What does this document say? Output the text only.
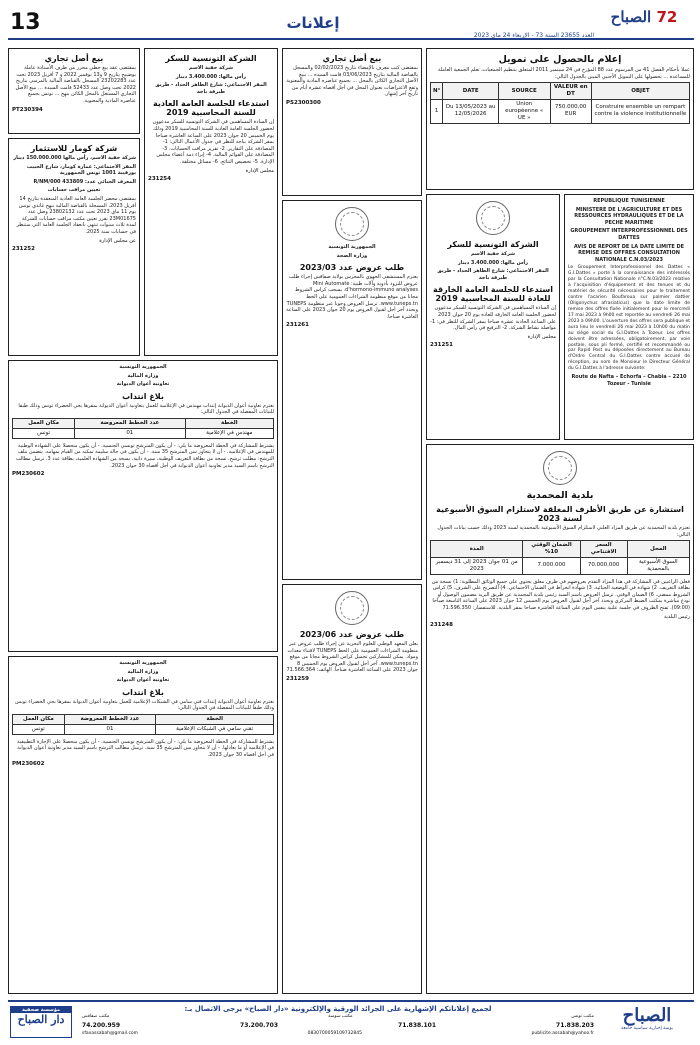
13	إعلانات	72 الصباح
العدد 23655 السنة 73 - الإربعاء 24 ماي 2023
بيع أصل تجاري
بمقتضى عقد بيع خطي محرر من طرف الأستاذة عاملة بوضيبح بتاريخ 9 و13 نوفمبر 2022 و 7 أفريل 2023 تحت عدد 23202283 المسجل بالقباضة المالية بالمرسى بتاريخ 2022 تحت وصل عدد 52433 قامت السيدة ... ببيع الأصل التجاري المستغل بالمحل الكائن بنهج ... تونس بجميع عناصره المادية والمعنوية.
PT230394
شركة كومار للاستثمار
شركة خفية الاسم، رأس مالها 150.000.000 دينار
المقر الاجتماعي: عمارة كومار، شارع الحبيب بورقيبة 1001 تونس الجمهورية
المعرف الجبائي عدد: 433809 R/NM/000
تعيين مراقب حسابات
بمقتضى محضر الجلسة العامة العادية المنعقدة بتاريخ 14 أفريل 2023، المسجلة بالقباضة المالية بنهج غاندي تونس يوم 11 ماي 2023 تحت عدد 23802132 وصل عدد 23M01675 تقرر تعيين مكتب مراقب حسابات للشركة لمدة ثلاث سنوات تنتهي بانعقاد الجلسة العامة التي ستنظر في حسابات سنة 2025.
عن مجلس الإدارة
231252
الشركة التونسية للسكر
شركة خفية الاسم
رأس مالها: 3.400.000 دينار
المقر الاجتماعي: شارع الطاهر الحداد - طريق طبرقة باجة
استدعاء للجلسة العامة العادية للسنة المحاسبية 2019
إن السادة المساهمين في الشركة التونسية للسكر مدعوون لحضور الجلسة العامة العادية للسنة المحاسبية 2019 وذلك يوم الخميس 20 جوان 2023 على الساعة العاشرة صباحا بمقر الشركة بباجة للنظر في جدول الأعمال التالي: 1- المصادقة على التقارير. 2- تقرير مراقب الحسابات. 3- المصادقة على القوائم المالية. 4- إبراء ذمة أعضاء مجلس الإدارة. 5- تخصيص النتائج. 6- مسائل مختلفة.
مجلس الإدارة
231254
بيع أصل تجاري
بمقتضى كتب معرف بالإمضاء بتاريخ 02/02/2023 والمسجل بالقباضة المالية بتاريخ 03/06/2023 قامت السيدة ... ببيع الأصل التجاري الكائن بالمحل ... بجميع عناصره المادية والمعنوية وتقع الاعتراضات بعنوان المحل في أجل أقصاه عشرة أيام من تاريخ آخر إشهار.
PS2300300
الجمهورية التونسية
وزارة الصحة
طلب عروض عدد 2023/03
يعتزم المستشفى الجهوي بالمحرس بولاية صفاقس إجراء طلب عروض للتزود بأدوية وآلات طبية: Mini Automate d'hormono-immuno analyses. يسحب كراس الشروط مجانا من موقع منظومة الشراءات العمومية على الخط www.tuneps.tn. ترسل العروض وجوبا عبر منظومة TUNEPS ويحدد آخر أجل لقبول العروض يوم 20 جوان 2023 على الساعة العاشرة صباحا.
231261
طلب عروض عدد 2023/06
يعلن المعهد الوطني للعلوم البحرية عن إجراء طلب عروض عبر منظومة الشراءات العمومية على الخط TUNEPS لاقتناء معدات ومواد. يمكن للمشاركين تحميل كراس الشروط مجانا من موقع www.tuneps.tn. آخر أجل لقبول العروض يوم الخميس 8 جوان 2023 على الساعة العاشرة صباحا. الهاتف: 71.566.364
231259
إعلام بالحصول على تمويل
عملا بأحكام الفصل 41 من المرسوم عدد 88 المؤرخ في 24 سبتمبر 2011 المتعلق بتنظيم الجمعيات، تعلم الجمعية العاملة للمساعدة ... بحصولها على التمويل الأجنبي المبين بالجدول التالي:
N°	DATE	SOURCE	VALEUR en DT	OBJET
1	Du 13/05/2023 au 12/05/2026	Union européenne « UE »	750.000,00 EUR	Construire ensemble un rempart contre la violence institutionnelle
الشركة التونسية للسكر
شركة خفية الاسم
رأس مالها: 3.400.000 دينار
المقر الاجتماعي: شارع الطاهر الحداد - طريق طبرقة باجة
استدعاء للجلسة العامة الخارقة للعادة للسنة المحاسبية 2019
إن السادة المساهمين في الشركة التونسية للسكر مدعوون لحضور الجلسة العامة الخارقة للعادة يوم 20 جوان 2023 على الساعة الحادية عشرة صباحا بمقر الشركة للنظر في: 1- مواصلة نشاط الشركة. 2- الترفيع في رأس المال.
مجلس الإدارة
231251
REPUBLIQUE TUNISIENNE
MINISTERE DE L'AGRICULTURE ET DES RESSOURCES HYDRAULIQUES ET DE LA PECHE MARITIME
GROUPEMENT INTERPROFESSIONNEL DES DATTES
AVIS DE REPORT DE LA DATE LIMITE DE REMISE DES OFFRES CONSULTATION NATIONALE C.N.03/2023
Le Groupement Interprofessionnel des Dattes « G.I.Dattes » porte à la connaissance des intéressés par la Consultation Nationale n°C.N.03/2023 relative à l'acquisition d'équipement et des tenues et du matériel de sécurité nécessaires pour le traitement contre l'acarien Boufaroua sur palmier dattier (Oligonychus afrasiaticus) que la date limite de remise des offres fixée initialement pour le mercredi 17 mai 2023 à 9h00 est reportée au vendredi 26 mai 2023 à 09h00. L'ouverture des offres sera publique et aura lieu le vendredi 26 mai 2023 à 10h00 du matin au siège social du G.I.Dattes à Tozeur. Les offres doivent être adressées, obligatoirement, par voie postale, sous pli fermé, certifié et recommandé ou par Rapid Post ou déposées directement au Bureau d'Ordre Central du G.I.Dattes contre accusé de réception, au nom de Monsieur le Directeur Général du G.I.Dattes à l'adresse suivante:
Route de Nafta – Echorfa – Chabia – 2210 Tozeur - Tunisie
بلدية المحمدية
استشارة عن طريق الأظرف المغلقة لاستلزام السوق الأسبوعية لسنة 2023
تعتزم بلدية المحمدية عن طريق المزاد العلني لاستلزام السوق الأسبوعية بالمحمدية لسنة 2023 وذلك حسب بيانات الجدول التالي:
المحل	السعر الافتتاحي	الضمان الوقتي 10%	المدة
السوق الأسبوعية بالمحمدية	70.000.000	7.000.000	من 01 جوان 2023 إلى 31 ديسمبر 2023
فعلى الراغبين في المشاركة في هذا المزاد التقدم بعروضهم في ظرف مغلق يحتوي على جميع الوثائق المطلوبة: 1) نسخة من بطاقة التعريف. 2) شهادة في الوضعية الجبائية. 3) شهادة انخراط في الضمان الاجتماعي. 4) التصريح على الشرف. 5) كراس الشروط ممضى. 6) الضمان الوقتي. ترسل العروض باسم السيد رئيس بلدية المحمدية عن طريق البريد مضمون الوصول أو تودع مباشرة بمكتب الضبط المركزي ويحدد آخر أجل لقبول العروض يوم الخميس 12 جوان 2023 على الساعة التاسعة صباحا (09:00). تفتح الظروف في جلسة علنية بنفس اليوم على الساعة العاشرة صباحا بمقر البلدية. للاستفسار: 71.596.350
رئيس البلدية
231248
الجمهورية التونسية
وزارة المالية
تعاونية أعوان الديوانة
بلاغ انتداب
تعتزم تعاونية أعوان الديوانة إنتداب مهندس في الإعلامية للعمل بتعاونية أعوان الديوانة بمقرها بحي الخضراء تونس وذلك طبقا للبيانات المفصلة في الجدول التالي:
الخطة	عدد الخطط المعروضة	مكان العمل
مهندس في الإعلامية	01	تونس
يشترط للمشاركة في الخطة المعروضة ما يلي: - أن يكون المترشح تونسي الجنسية. - أن يكون متحصلا على الشهادة الوطنية للمهندس في الإعلامية. - أن لا يتجاوز سن المترشح 35 سنة. - أن يكون في حالة سليمة تمكنه من القيام بمهامه. يتضمن ملف الترشح: مطلب ترشح، نسخة من بطاقة التعريف الوطنية، سيرة ذاتية، نسخة من الشهادة العلمية، بطاقة عدد 3. ترسل مطالب الترشح باسم السيد مدير تعاونية أعوان الديوانة في أجل أقصاه 30 جوان 2023.
PM230602
الجمهورية التونسية
وزارة المالية
تعاونية أعوان الديوانة
بلاغ انتداب
تعتزم تعاونية أعوان الديوانة إنتداب فني سامي في الشبكات الإعلامية للعمل بتعاونية أعوان الديوانة بمقرها بحي الخضراء تونس وذلك طبقا للبيانات المفصلة في الجدول التالي:
الخطة	عدد الخطط المعروضة	مكان العمل
تقني سامي في الشبكات الإعلامية	01	تونس
يشترط للمشاركة في الخطة المعروضة ما يلي: - أن يكون المترشح تونسي الجنسية. - أن يكون متحصلا على الإجازة التطبيقية في الإعلامية أو ما يعادلها. - أن لا يتجاوز سن المترشح 35 سنة. ترسل مطالب الترشح باسم السيد مدير تعاونية أعوان الديوانة في أجل أقصاه 30 جوان 2023.
PM230602
مؤسسة صحفية
دار الصباح
لجميع إعلاناتكم الإشهارية على الجرائد الورقية والإلكترونية «دار الصباح» يرجى الاتصال بـ:
مكتب تونس
مكتب سوسة
مكتب صفاقس
71.838.203
71.838.101
73.200.703
74.200.959
publicite.assabah@yahoo.fr
0830700059109732845
sfaxassabah@gmail.com
الصباح
يومية إخبارية سياسية جامعة
